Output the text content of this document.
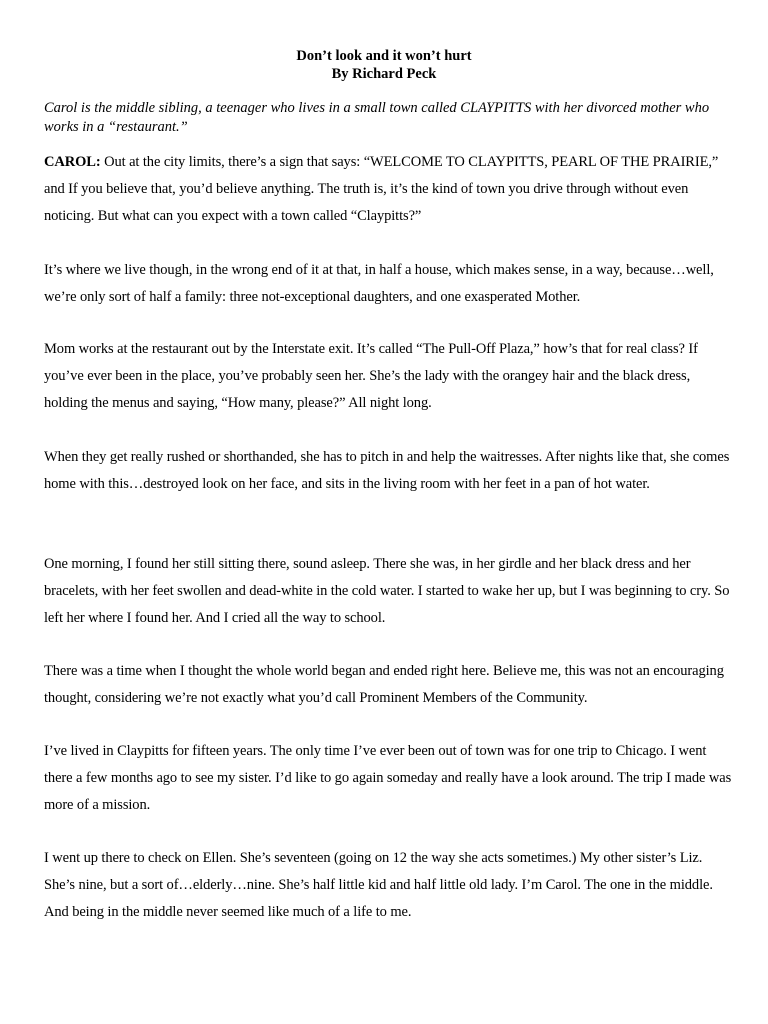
Don’t look and it won’t hurt
By Richard Peck
Carol is the middle sibling, a teenager who lives in a small town called CLAYPITTS with her divorced mother who works in a “restaurant.”

CAROL: Out at the city limits, there’s a sign that says: “WELCOME TO CLAYPITTS, PEARL OF THE PRAIRIE,” and If you believe that, you’d believe anything. The truth is, it’s the kind of town you drive through without even noticing. But what can you expect with a town called “Claypitts?”

It’s where we live though, in the wrong end of it at that, in half a house, which makes sense, in a way, because…well, we’re only sort of half a family: three not-exceptional daughters, and one exasperated Mother.

Mom works at the restaurant out by the Interstate exit. It’s called “The Pull-Off Plaza,” how’s that for real class? If you’ve ever been in the place, you’ve probably seen her. She’s the lady with the orangey hair and the black dress, holding the menus and saying, “How many, please?” All night long.

When they get really rushed or shorthanded, she has to pitch in and help the waitresses. After nights like that, she comes home with this…destroyed look on her face, and sits in the living room with her feet in a pan of hot water.

One morning, I found her still sitting there, sound asleep. There she was, in her girdle and her black dress and her bracelets, with her feet swollen and dead-white in the cold water. I started to wake her up, but I was beginning to cry. So left her where I found her. And I cried all the way to school.

There was a time when I thought the whole world began and ended right here. Believe me, this was not an encouraging thought, considering we’re not exactly what you’d call Prominent Members of the Community.

I’ve lived in Claypitts for fifteen years. The only time I’ve ever been out of town was for one trip to Chicago. I went there a few months ago to see my sister. I’d like to go again someday and really have a look around. The trip I made was more of a mission.

I went up there to check on Ellen. She’s seventeen (going on 12 the way she acts sometimes.) My other sister’s Liz. She’s nine, but a sort of…elderly…nine. She’s half little kid and half little old lady. I’m Carol. The one in the middle. And being in the middle never seemed like much of a life to me.
